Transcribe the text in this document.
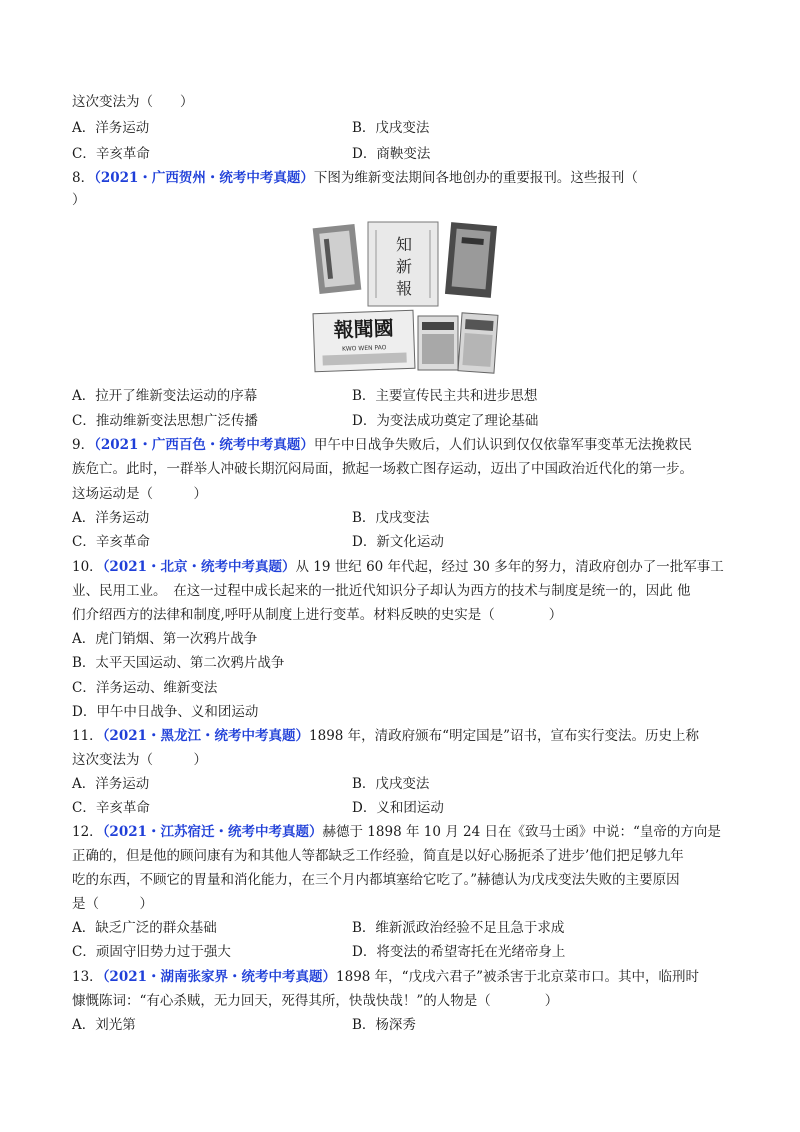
这次变法为（　　）
A．洋务运动	B．戊戌变法
C．辛亥革命	D．商鞅变法
8．（2021・广西贺州・统考中考真题）下图为维新变法期间各地创办的重要报刊。这些报刊（
）
知
新
報
報聞國
KWO WEN PAO
A．拉开了维新变法运动的序幕	B．主要宣传民主共和进步思想
C．推动维新变法思想广泛传播	D．为变法成功奠定了理论基础
9．（2021・广西百色・统考中考真题）甲午中日战争失败后，人们认识到仅仅依靠军事变革无法挽救民
族危亡。此时，一群举人冲破长期沉闷局面，掀起一场救亡图存运动，迈出了中国政治近代化的第一步。
这场运动是（　　　）
A．洋务运动	B．戊戌变法
C．辛亥革命	D．新文化运动
10．（2021・北京・统考中考真题）从 19 世纪 60 年代起，经过 30 多年的努力，清政府创办了一批军事工
业、民用工业。　在这一过程中成长起来的一批近代知识分子却认为西方的技术与制度是统一的，因此 他
们介绍西方的法律和制度,呼吁从制度上进行变革。材料反映的史实是（　　　　）
A．虎门销烟、第一次鸦片战争
B．太平天国运动、第二次鸦片战争
C．洋务运动、维新变法
D．甲午中日战争、义和团运动
11．（2021・黑龙江・统考中考真题）1898 年，清政府颁布“明定国是”诏书，宣布实行变法。历史上称
这次变法为（　　　）
A．洋务运动	B．戊戌变法
C．辛亥革命	D．义和团运动
12．（2021・江苏宿迁・统考中考真题）赫德于 1898 年 10 月 24 日在《致马士函》中说：“皇帝的方向是
正确的，但是他的顾问康有为和其他人等都缺乏工作经验，简直是以好心肠扼杀了进步’他们把足够九年
吃的东西，不顾它的胃量和消化能力，在三个月内都填塞给它吃了。”赫德认为戊戌变法失败的主要原因
是（　　　）
A．缺乏广泛的群众基础	B．维新派政治经验不足且急于求成
C．顽固守旧势力过于强大	D．将变法的希望寄托在光绪帝身上
13．（2021・湖南张家界・统考中考真题）1898 年，“戊戌六君子”被杀害于北京菜市口。其中，临刑时
慷慨陈词：“有心杀贼，无力回天，死得其所，快哉快哉！”的人物是（　　　　）
A．刘光第	B．杨深秀
